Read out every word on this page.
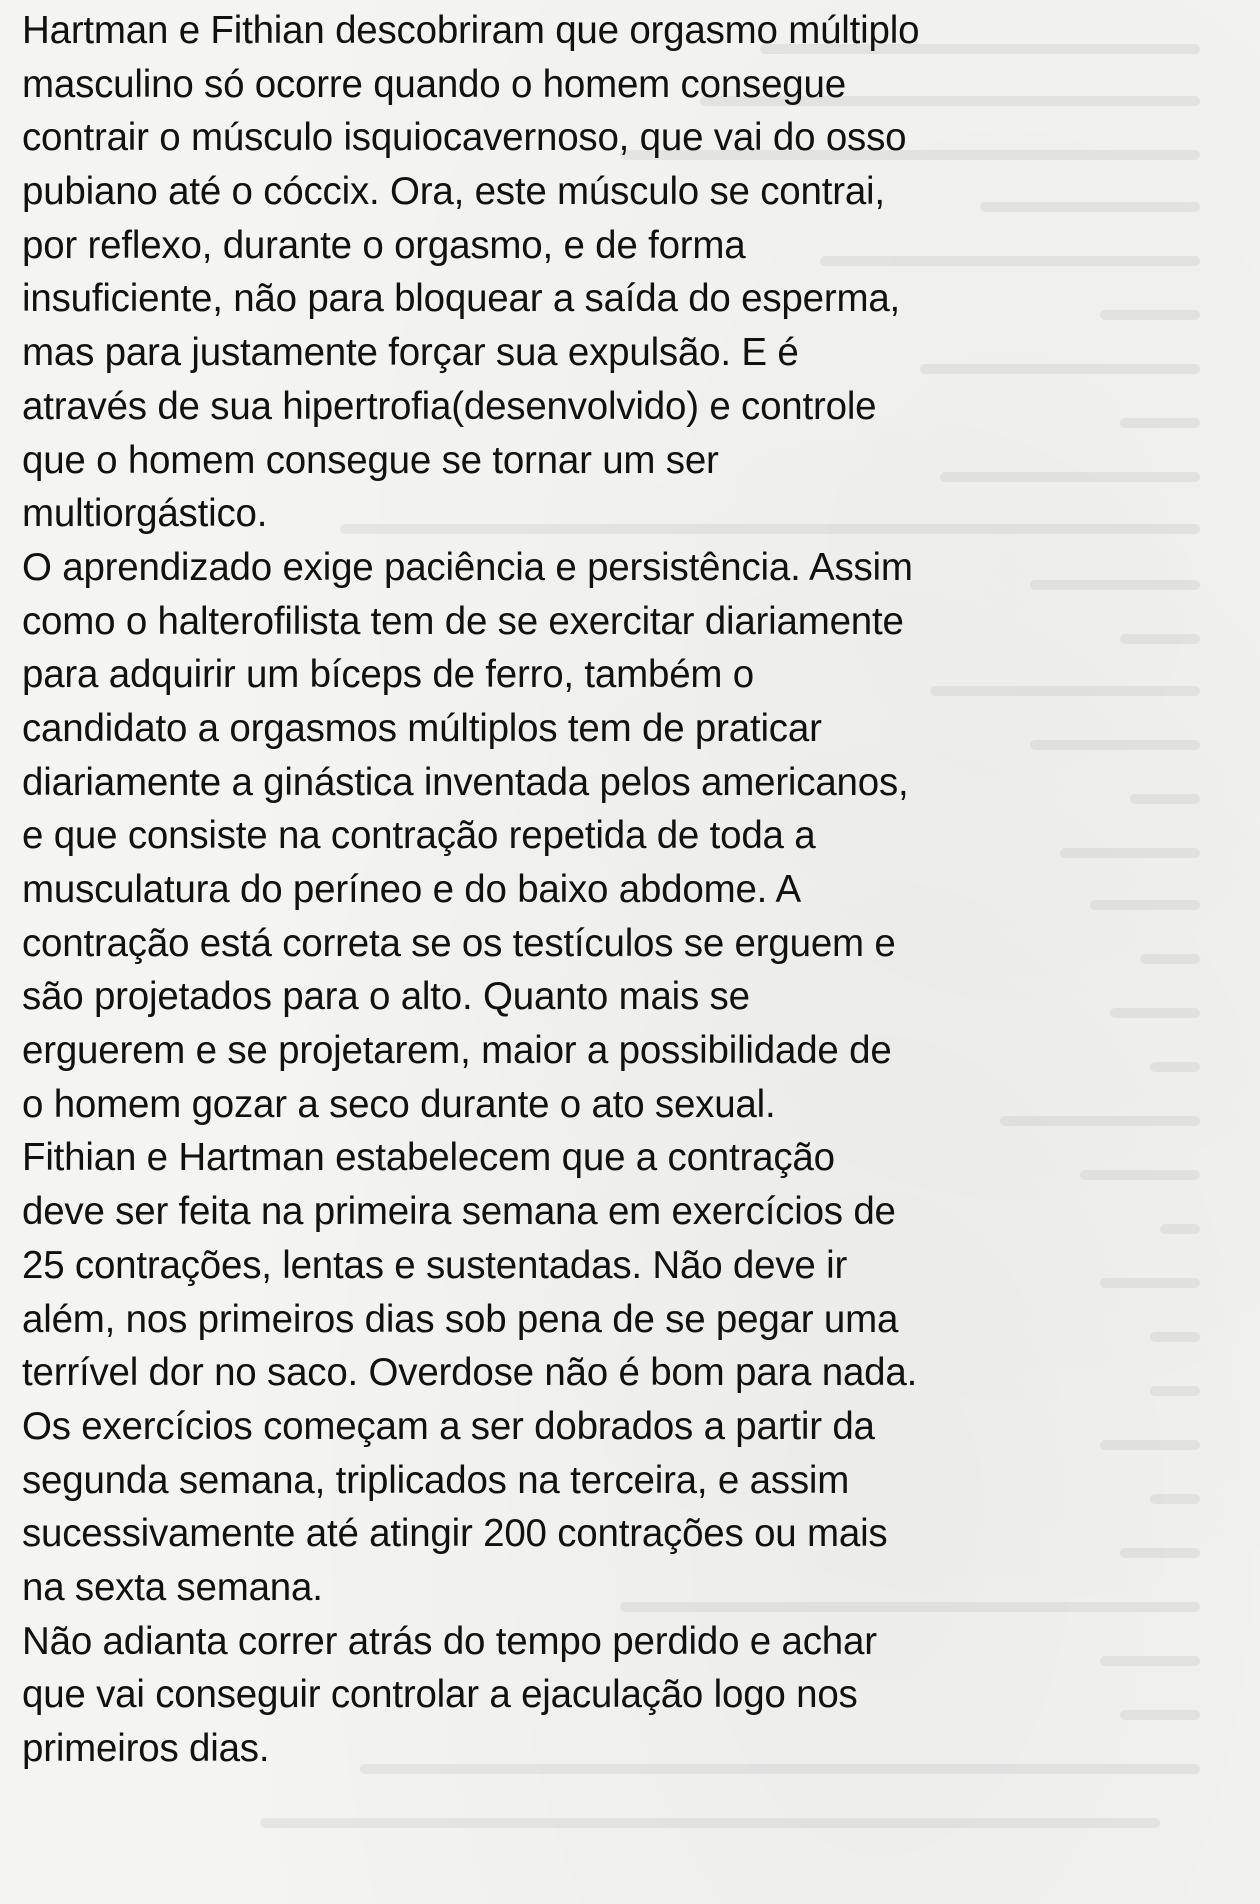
Hartman e Fithian descobriram que orgasmo múltiplo
masculino só ocorre quando o homem consegue
contrair o músculo isquiocavernoso, que vai do osso
pubiano até o cóccix. Ora, este músculo se contrai,
por reflexo, durante o orgasmo, e de forma
insuficiente, não para bloquear a saída do esperma,
mas para justamente forçar sua expulsão. E é
através de sua hipertrofia(desenvolvido) e controle
que o homem consegue se tornar um ser
multiorgástico.
O aprendizado exige paciência e persistência. Assim
como o halterofilista tem de se exercitar diariamente
para adquirir um bíceps de ferro, também o
candidato a orgasmos múltiplos tem de praticar
diariamente a ginástica inventada pelos americanos,
e que consiste na contração repetida de toda a
musculatura do períneo e do baixo abdome. A
contração está correta se os testículos se erguem e
são projetados para o alto. Quanto mais se
erguerem e se projetarem, maior a possibilidade de
o homem gozar a seco durante o ato sexual.
Fithian e Hartman estabelecem que a contração
deve ser feita na primeira semana em exercícios de
25 contrações, lentas e sustentadas. Não deve ir
além, nos primeiros dias sob pena de se pegar uma
terrível dor no saco. Overdose não é bom para nada.
Os exercícios começam a ser dobrados a partir da
segunda semana, triplicados na terceira, e assim
sucessivamente até atingir 200 contrações ou mais
na sexta semana.
Não adianta correr atrás do tempo perdido e achar
que vai conseguir controlar a ejaculação logo nos
primeiros dias.
